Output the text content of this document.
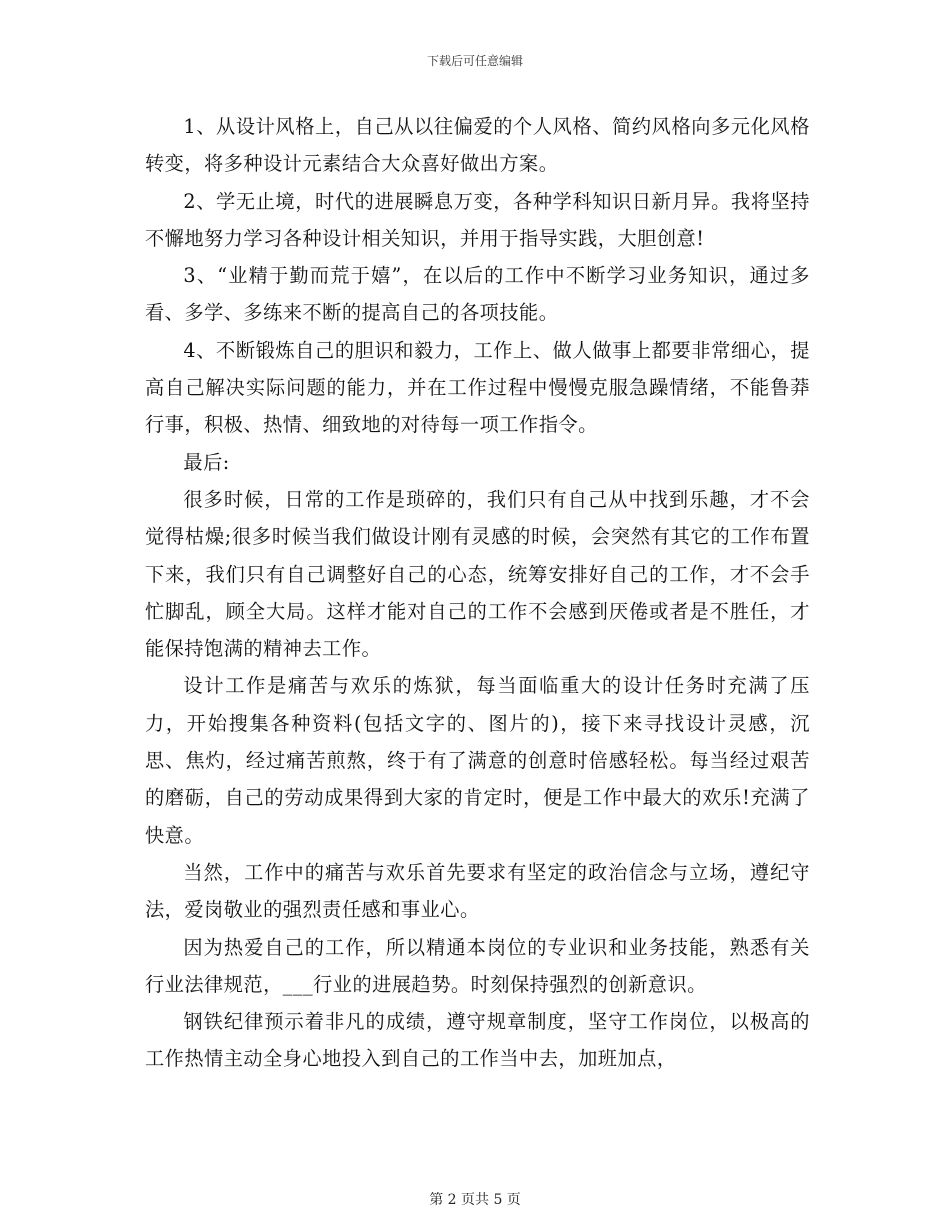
下载后可任意编辑

1、从设计风格上，自己从以往偏爱的个人风格、简约风格向多元化风格转变，将多种设计元素结合大众喜好做出方案。

2、学无止境，时代的进展瞬息万变，各种学科知识日新月异。我将坚持不懈地努力学习各种设计相关知识，并用于指导实践，大胆创意!

3、“业精于勤而荒于嬉”，在以后的工作中不断学习业务知识，通过多看、多学、多练来不断的提高自己的各项技能。

4、不断锻炼自己的胆识和毅力，工作上、做人做事上都要非常细心，提高自己解决实际问题的能力，并在工作过程中慢慢克服急躁情绪，不能鲁莽行事，积极、热情、细致地的对待每一项工作指令。

最后:

很多时候，日常的工作是琐碎的，我们只有自己从中找到乐趣，才不会觉得枯燥;很多时候当我们做设计刚有灵感的时候，会突然有其它的工作布置下来，我们只有自己调整好自己的心态，统筹安排好自己的工作，才不会手忙脚乱，顾全大局。这样才能对自己的工作不会感到厌倦或者是不胜任，才能保持饱满的精神去工作。

设计工作是痛苦与欢乐的炼狱，每当面临重大的设计任务时充满了压力，开始搜集各种资料(包括文字的、图片的)，接下来寻找设计灵感，沉思、焦灼，经过痛苦煎熬，终于有了满意的创意时倍感轻松。每当经过艰苦的磨砺，自己的劳动成果得到大家的肯定时，便是工作中最大的欢乐!充满了快意。

当然，工作中的痛苦与欢乐首先要求有坚定的政治信念与立场，遵纪守法，爱岗敬业的强烈责任感和事业心。

因为热爱自己的工作，所以精通本岗位的专业识和业务技能，熟悉有关行业法律规范，___行业的进展趋势。时刻保持强烈的创新意识。

钢铁纪律预示着非凡的成绩，遵守规章制度，坚守工作岗位，以极高的工作热情主动全身心地投入到自己的工作当中去，加班加点，

第 2 页共 5 页
